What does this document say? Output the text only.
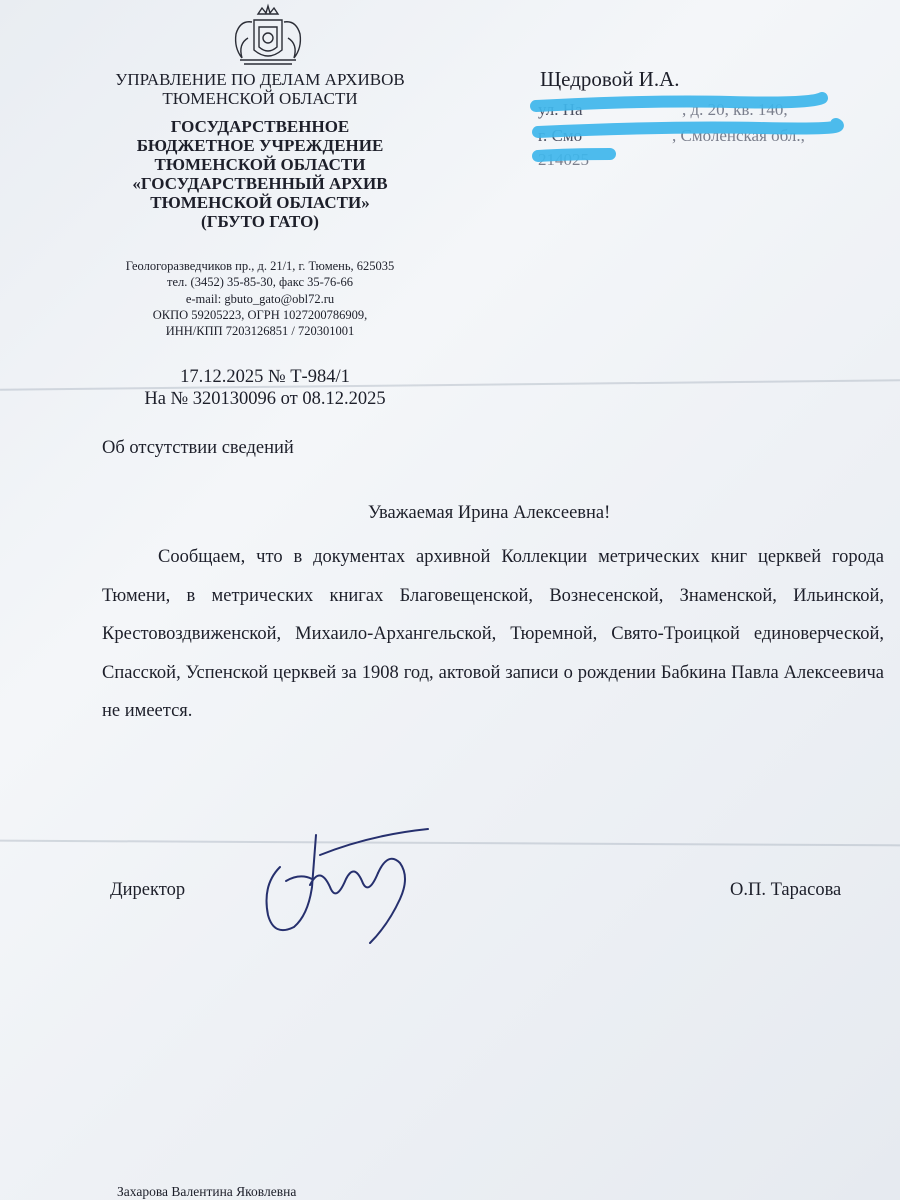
УПРАВЛЕНИЕ ПО ДЕЛАМ АРХИВОВ
ТЮМЕНСКОЙ ОБЛАСТИ
ГОСУДАРСТВЕННОЕ
БЮДЖЕТНОЕ УЧРЕЖДЕНИЕ
ТЮМЕНСКОЙ ОБЛАСТИ
«ГОСУДАРСТВЕННЫЙ АРХИВ
ТЮМЕНСКОЙ ОБЛАСТИ»
(ГБУТО ГАТО)
Геологоразведчиков пр., д. 21/1, г. Тюмень, 625035
тел. (3452) 35-85-30, факс 35-76-66
e-mail: gbuto_gato@obl72.ru
ОКПО 59205223, ОГРН 1027200786909,
ИНН/КПП 7203126851 / 720301001
17.12.2025 № Т-984/1
На № 320130096 от 08.12.2025
Щедровой И.А.
ул. На	, д. 20, кв. 140,
г. Смо	, Смоленская обл.,
214025
Об отсутствии сведений
Уважаемая Ирина Алексеевна!
Сообщаем, что в документах архивной Коллекции метрических книг церквей города Тюмени, в метрических книгах Благовещенской, Вознесенской, Знаменской, Ильинской, Крестовоздвиженской, Михаило-Архангельской, Тюремной, Свято-Троицкой единоверческой, Спасской, Успенской церквей за 1908 год, актовой записи о рождении Бабкина Павла Алексеевича не имеется.
Директор	О.П. Тарасова
Захарова Валентина Яковлевна
